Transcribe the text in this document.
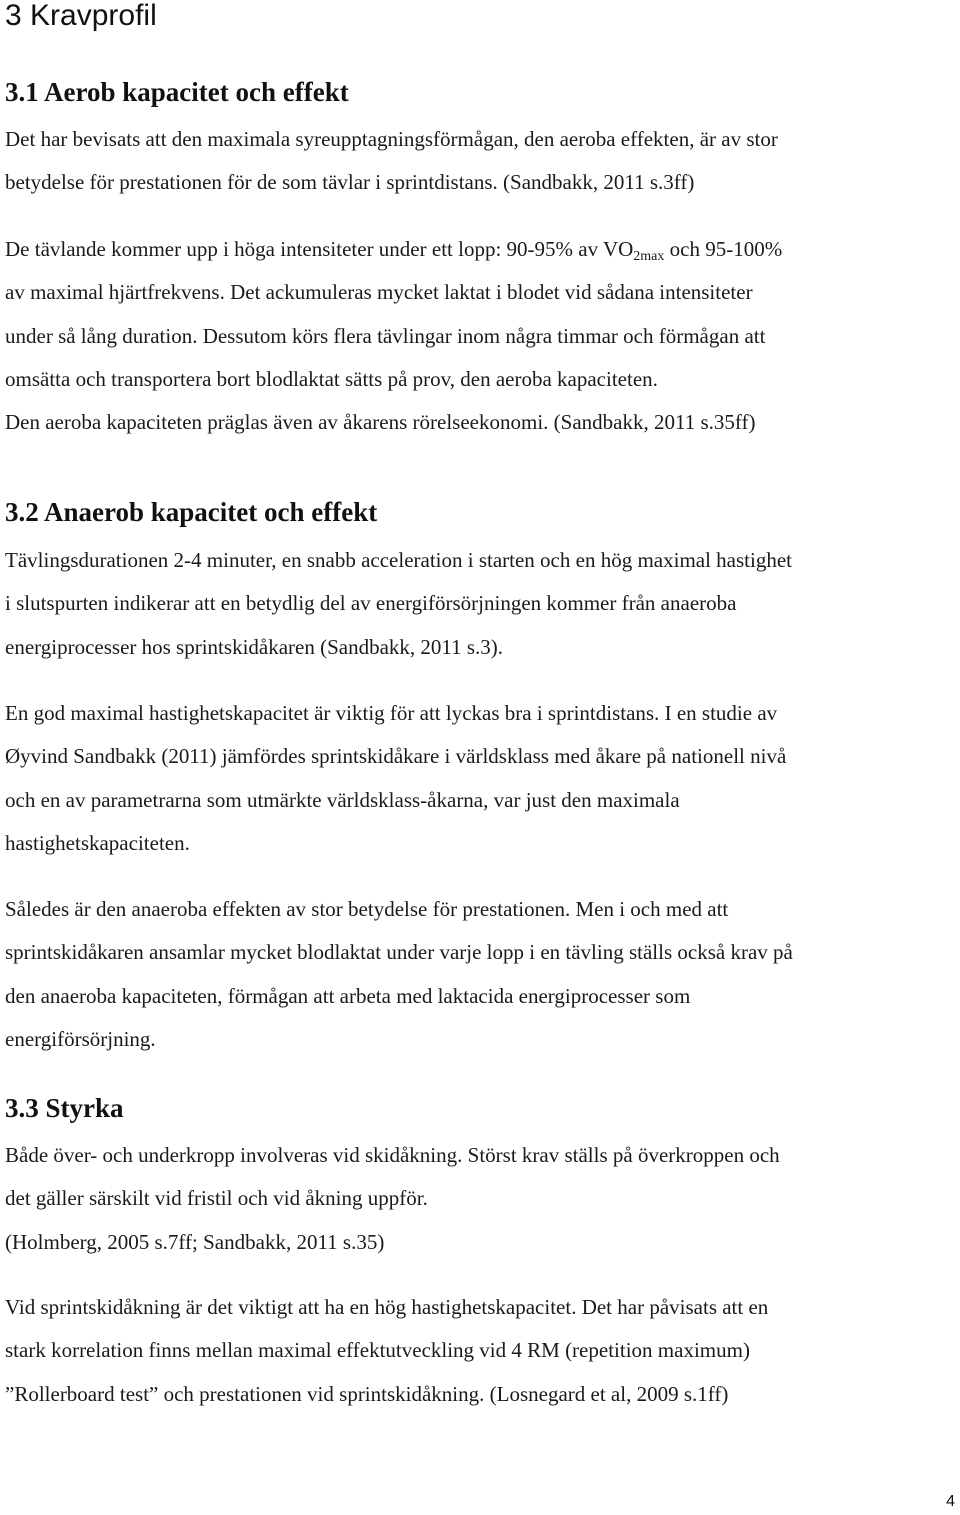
3 Kravprofil
3.1 Aerob kapacitet och effekt

Det har bevisats att den maximala syreupptagningsförmågan, den aeroba effekten, är av stor
betydelse för prestationen för de som tävlar i sprintdistans. (Sandbakk, 2011 s.3ff)

De tävlande kommer upp i höga intensiteter under ett lopp: 90-95% av $VO_{2max}$ och 95-100%
av maximal hjärtfrekvens. Det ackumuleras mycket laktat i blodet vid sådana intensiteter
under så lång duration. Dessutom körs flera tävlingar inom några timmar och förmågan att
omsätta och transportera bort blodlaktat sätts på prov, den aeroba kapaciteten.
Den aeroba kapaciteten präglas även av åkarens rörelseekonomi. (Sandbakk, 2011 s.35ff)

3.2 Anaerob kapacitet och effekt

Tävlingsdurationen 2-4 minuter, en snabb acceleration i starten och en hög maximal hastighet
i slutspurten indikerar att en betydlig del av energiförsörjningen kommer från anaeroba
energiprocesser hos sprintskidåkaren (Sandbakk, 2011 s.3).

En god maximal hastighetskapacitet är viktig för att lyckas bra i sprintdistans. I en studie av
Øyvind Sandbakk (2011) jämfördes sprintskidåkare i världsklass med åkare på nationell nivå
och en av parametrarna som utmärkte världsklass-åkarna, var just den maximala
hastighetskapaciteten.

Således är den anaeroba effekten av stor betydelse för prestationen. Men i och med att
sprintskidåkaren ansamlar mycket blodlaktat under varje lopp i en tävling ställs också krav på
den anaeroba kapaciteten, förmågan att arbeta med laktacida energiprocesser som
energiförsörjning.

3.3 Styrka

Både över- och underkropp involveras vid skidåkning. Störst krav ställs på överkroppen och
det gäller särskilt vid fristil och vid åkning uppför.
(Holmberg, 2005 s.7ff; Sandbakk, 2011 s.35)

Vid sprintskidåkning är det viktigt att ha en hög hastighetskapacitet. Det har påvisats att en
stark korrelation finns mellan maximal effektutveckling vid 4 RM (repetition maximum)
”Rollerboard test” och prestationen vid sprintskidåkning. (Losnegard et al, 2009 s.1ff)

4
